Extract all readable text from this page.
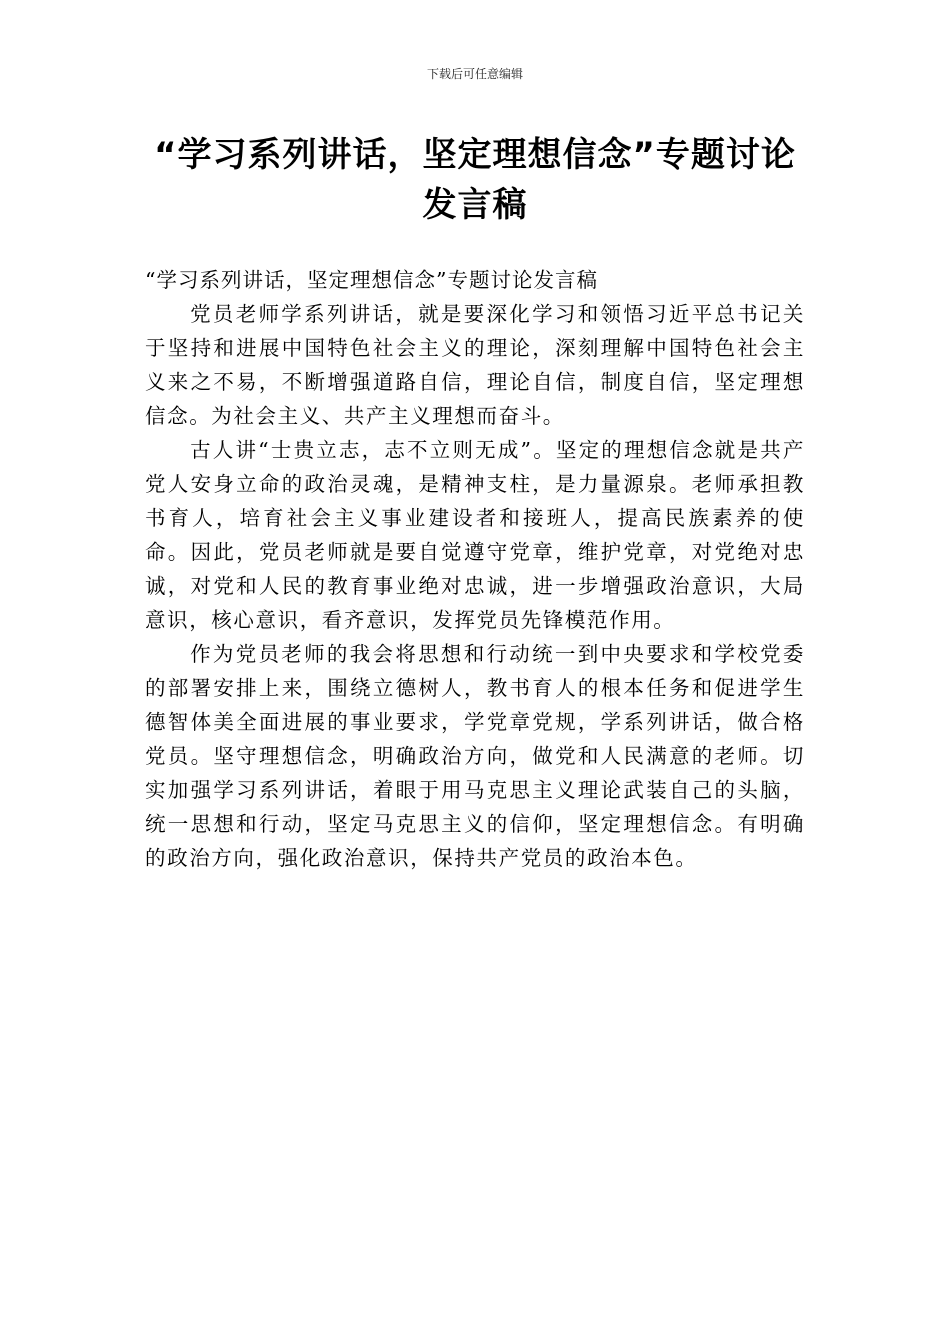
下载后可任意编辑
“学习系列讲话，坚定理想信念”专题讨论发言稿

“学习系列讲话，坚定理想信念”专题讨论发言稿

党员老师学系列讲话，就是要深化学习和领悟习近平总书记关于坚持和进展中国特色社会主义的理论，深刻理解中国特色社会主义来之不易，不断增强道路自信，理论自信，制度自信，坚定理想信念。为社会主义、共产主义理想而奋斗。

古人讲“士贵立志，志不立则无成”。坚定的理想信念就是共产党人安身立命的政治灵魂，是精神支柱，是力量源泉。老师承担教书育人，培育社会主义事业建设者和接班人，提高民族素养的使命。因此，党员老师就是要自觉遵守党章，维护党章，对党绝对忠诚，对党和人民的教育事业绝对忠诚，进一步增强政治意识，大局意识，核心意识，看齐意识，发挥党员先锋模范作用。

作为党员老师的我会将思想和行动统一到中央要求和学校党委的部署安排上来，围绕立德树人，教书育人的根本任务和促进学生德智体美全面进展的事业要求，学党章党规，学系列讲话，做合格党员。坚守理想信念，明确政治方向，做党和人民满意的老师。切实加强学习系列讲话，着眼于用马克思主义理论武装自己的头脑，统一思想和行动，坚定马克思主义的信仰，坚定理想信念。有明确的政治方向，强化政治意识，保持共产党员的政治本色。
